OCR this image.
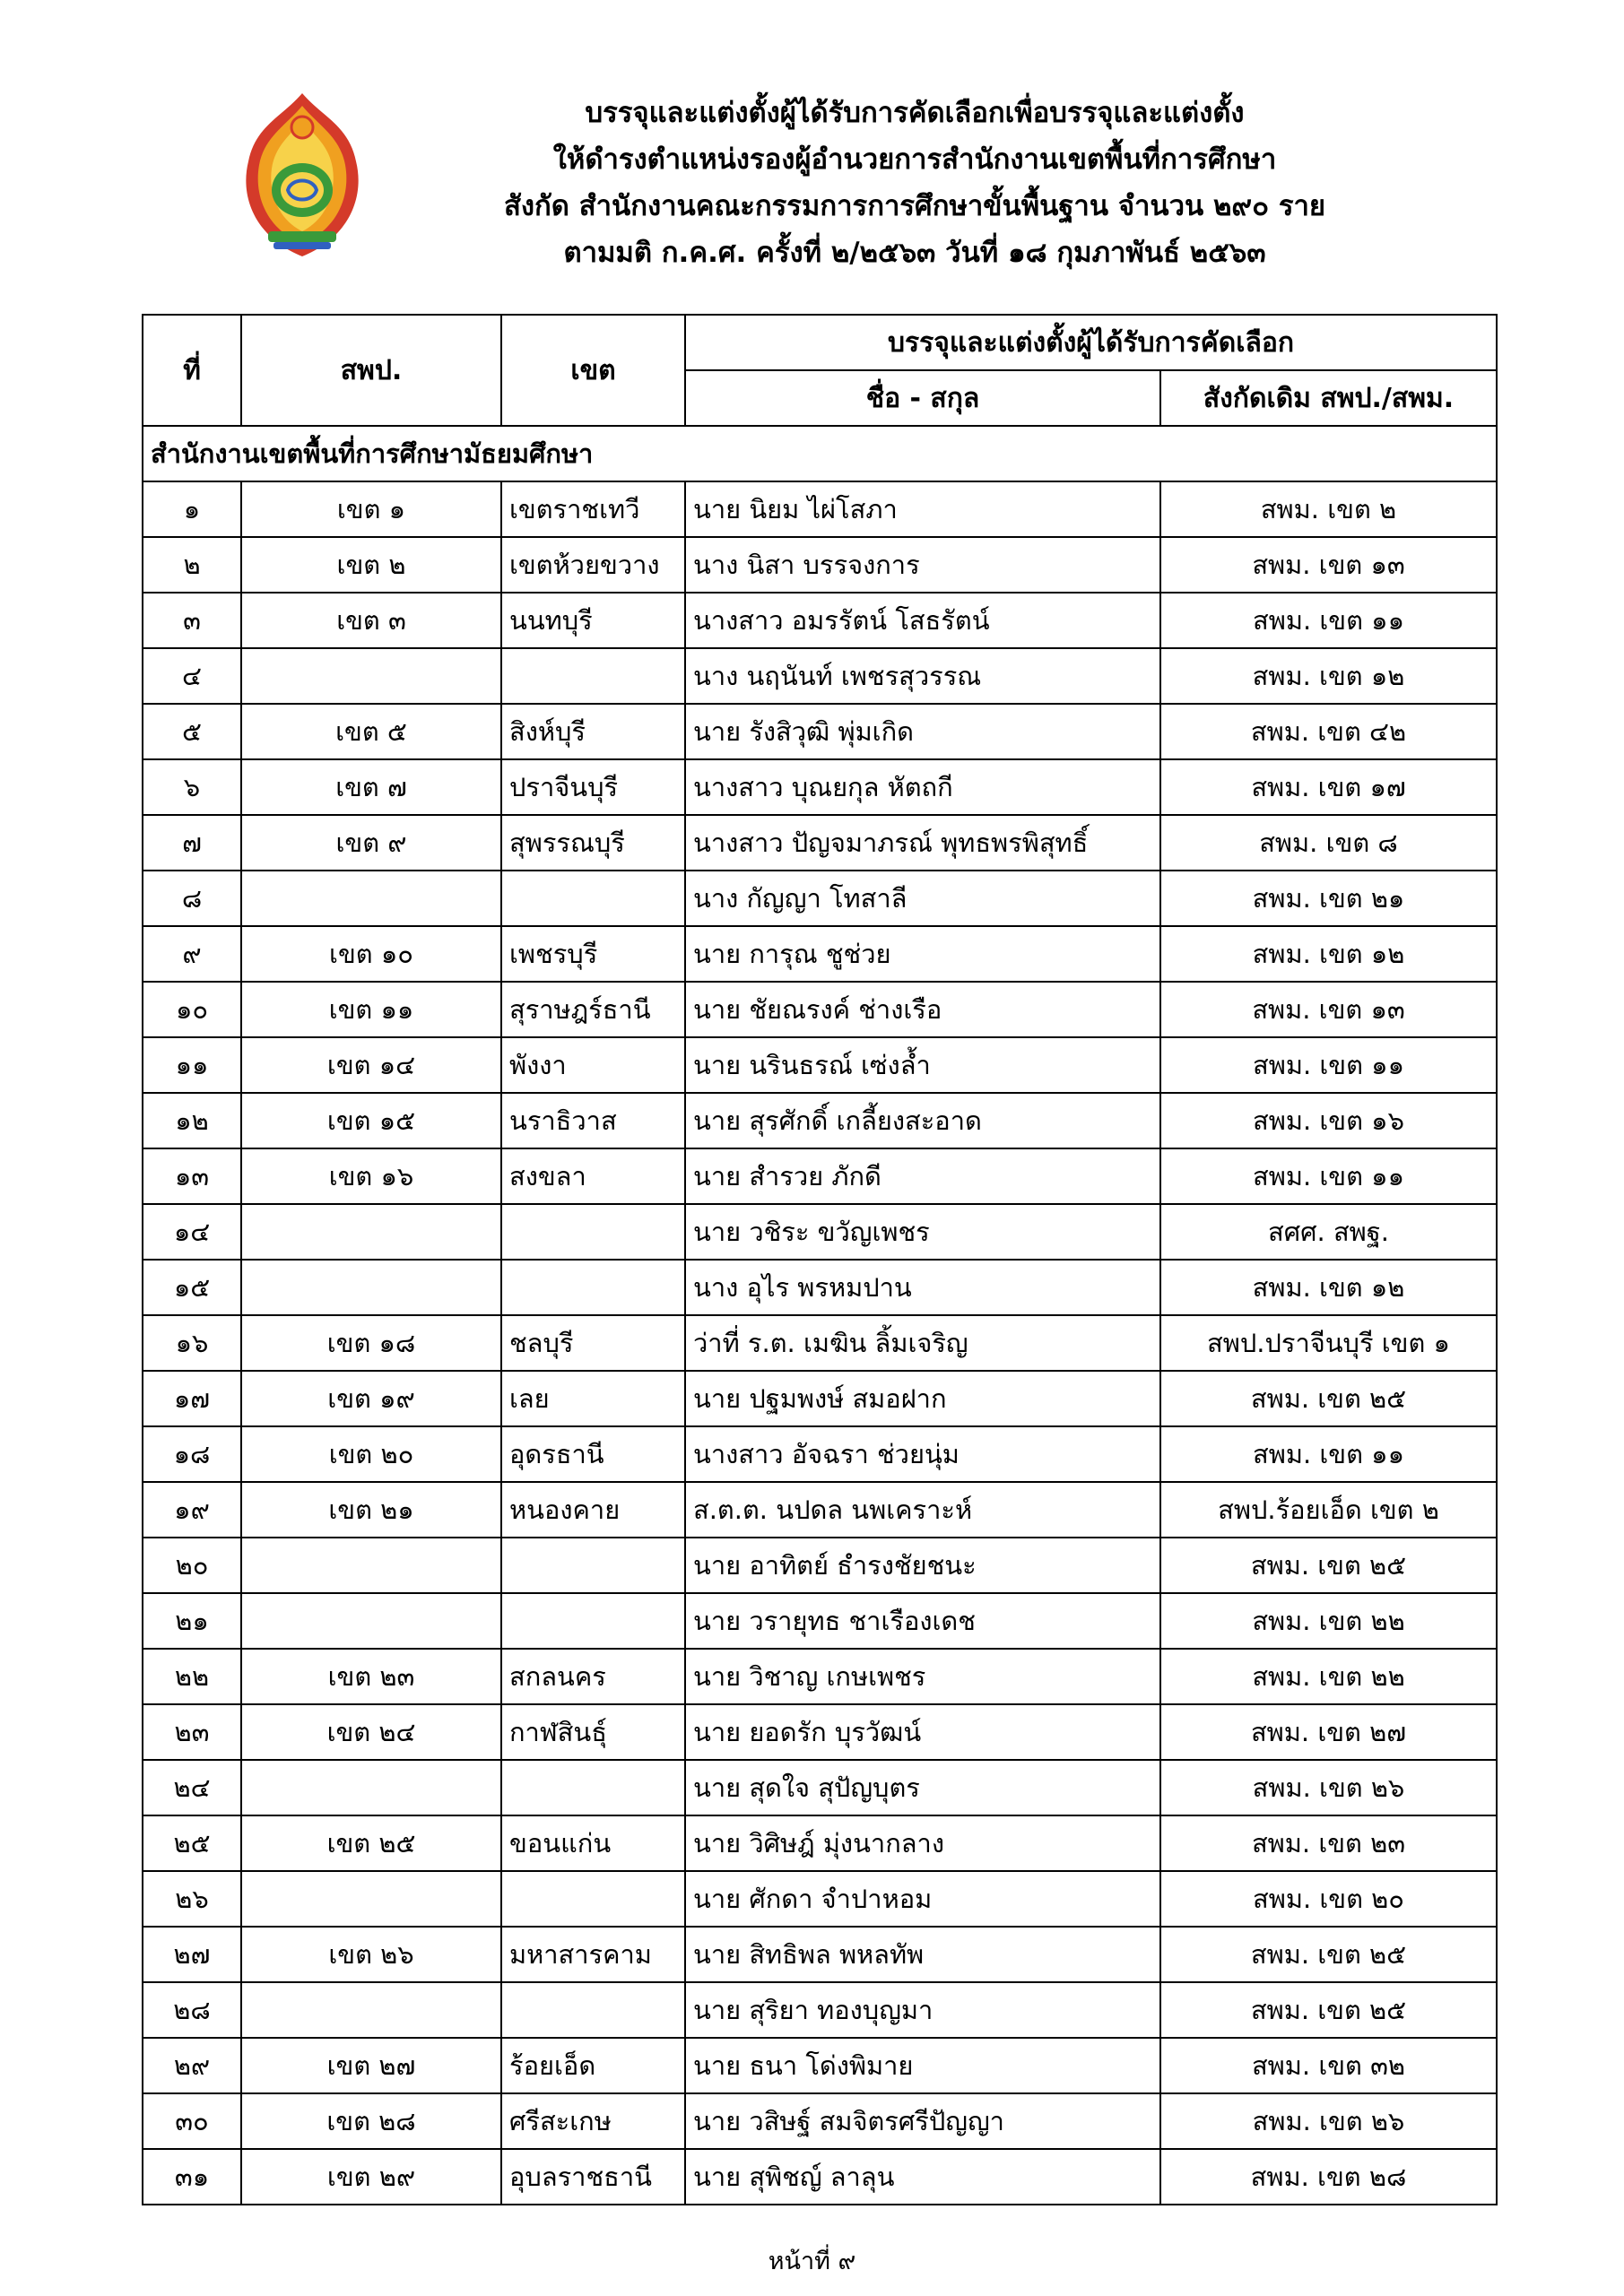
บรรจุและแต่งตั้งผู้ได้รับการคัดเลือกเพื่อบรรจุและแต่งตั้ง
ให้ดำรงตำแหน่งรองผู้อำนวยการสำนักงานเขตพื้นที่การศึกษา
สังกัด สำนักงานคณะกรรมการการศึกษาขั้นพื้นฐาน จำนวน ๒๙๐ ราย
ตามมติ ก.ค.ศ. ครั้งที่ ๒/๒๕๖๓ วันที่ ๑๘ กุมภาพันธ์ ๒๕๖๓
ที่	สพป.	เขต	บรรจุและแต่งตั้งผู้ได้รับการคัดเลือก	
			ชื่อ - สกุล	สังกัดเดิม สพป./สพม.
สำนักงานเขตพื้นที่การศึกษามัธยมศึกษา				
๑	เขต ๑	เขตราชเทวี	นาย นิยม ไผ่โสภา	สพม. เขต ๒
๒	เขต ๒	เขตห้วยขวาง	นาง นิสา บรรจงการ	สพม. เขต ๑๓
๓	เขต ๓	นนทบุรี	นางสาว อมรรัตน์ โสธรัตน์	สพม. เขต ๑๑
๔			นาง นฤนันท์ เพชรสุวรรณ	สพม. เขต ๑๒
๕	เขต ๕	สิงห์บุรี	นาย รังสิวุฒิ พุ่มเกิด	สพม. เขต ๔๒
๖	เขต ๗	ปราจีนบุรี	นางสาว บุณยกุล หัตถกี	สพม. เขต ๑๗
๗	เขต ๙	สุพรรณบุรี	นางสาว ปัญจมาภรณ์ พุทธพรพิสุทธิ์	สพม. เขต ๘
๘			นาง กัญญา โทสาลี	สพม. เขต ๒๑
๙	เขต ๑๐	เพชรบุรี	นาย การุณ ชูช่วย	สพม. เขต ๑๒
๑๐	เขต ๑๑	สุราษฎร์ธานี	นาย ชัยณรงค์ ช่างเรือ	สพม. เขต ๑๓
๑๑	เขต ๑๔	พังงา	นาย นรินธรณ์ เซ่งล้ำ	สพม. เขต ๑๑
๑๒	เขต ๑๕	นราธิวาส	นาย สุรศักดิ์ เกลี้ยงสะอาด	สพม. เขต ๑๖
๑๓	เขต ๑๖	สงขลา	นาย สำรวย ภักดี	สพม. เขต ๑๑
๑๔			นาย วชิระ ขวัญเพชร	สศศ. สพฐ.
๑๕			นาง อุไร พรหมปาน	สพม. เขต ๑๒
๑๖	เขต ๑๘	ชลบุรี	ว่าที่ ร.ต. เมฆิน ลิ้มเจริญ	สพป.ปราจีนบุรี เขต ๑
๑๗	เขต ๑๙	เลย	นาย ปฐมพงษ์ สมอฝาก	สพม. เขต ๒๕
๑๘	เขต ๒๐	อุดรธานี	นางสาว อัจฉรา ช่วยนุ่ม	สพม. เขต ๑๑
๑๙	เขต ๒๑	หนองคาย	ส.ต.ต. นปดล นพเคราะห์	สพป.ร้อยเอ็ด เขต ๒
๒๐			นาย อาทิตย์ ธำรงชัยชนะ	สพม. เขต ๒๕
๒๑			นาย วรายุทธ ชาเรืองเดช	สพม. เขต ๒๒
๒๒	เขต ๒๓	สกลนคร	นาย วิชาญ เกษเพชร	สพม. เขต ๒๒
๒๓	เขต ๒๔	กาฬสินธุ์	นาย ยอดรัก บุรวัฒน์	สพม. เขต ๒๗
๒๔			นาย สุดใจ สุปัญบุตร	สพม. เขต ๒๖
๒๕	เขต ๒๕	ขอนแก่น	นาย วิศิษฎ์ มุ่งนากลาง	สพม. เขต ๒๓
๒๖			นาย ศักดา จำปาหอม	สพม. เขต ๒๐
๒๗	เขต ๒๖	มหาสารคาม	นาย สิทธิพล พหลทัพ	สพม. เขต ๒๕
๒๘			นาย สุริยา ทองบุญมา	สพม. เขต ๒๕
๒๙	เขต ๒๗	ร้อยเอ็ด	นาย ธนา โด่งพิมาย	สพม. เขต ๓๒
๓๐	เขต ๒๘	ศรีสะเกษ	นาย วสิษฐ์ สมจิตรศรีปัญญา	สพม. เขต ๒๖
๓๑	เขต ๒๙	อุบลราชธานี	นาย สุพิชญ์ ลาลุน	สพม. เขต ๒๘
หน้าที่ ๙
